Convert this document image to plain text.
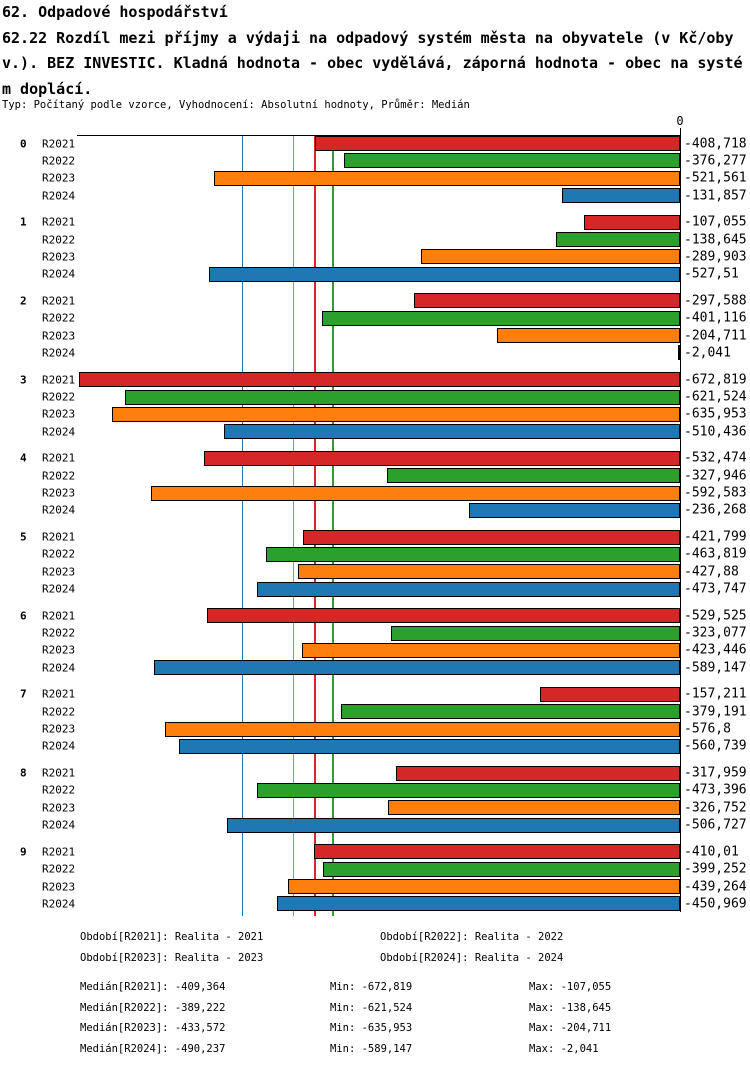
62. Odpadové hospodářství
62.22 Rozdíl mezi příjmy a výdaji na odpadový systém města na obyvatele (v Kč/obyv.). BEZ INVESTIC. Kladná hodnota - obec vydělává, záporná hodnota - obec na systém doplácí.
Typ: Počítaný podle vzorce, Vyhodnocení: Absolutní hodnoty, Průměr: Medián
0
0 R2021	-408,718
R2022	-376,277
R2023	-521,561
R2024	-131,857
1 R2021	-107,055
R2022	-138,645
R2023	-289,903
R2024	-527,51
2 R2021	-297,588
R2022	-401,116
R2023	-204,711
R2024	-2,041
3 R2021	-672,819
R2022	-621,524
R2023	-635,953
R2024	-510,436
4 R2021	-532,474
R2022	-327,946
R2023	-592,583
R2024	-236,268
5 R2021	-421,799
R2022	-463,819
R2023	-427,88
R2024	-473,747
6 R2021	-529,525
R2022	-323,077
R2023	-423,446
R2024	-589,147
7 R2021	-157,211
R2022	-379,191
R2023	-576,8
R2024	-560,739
8 R2021	-317,959
R2022	-473,396
R2023	-326,752
R2024	-506,727
9 R2021	-410,01
R2022	-399,252
R2023	-439,264
R2024	-450,969
Období[R2021]: Realita - 2021	Období[R2022]: Realita - 2022
Období[R2023]: Realita - 2023	Období[R2024]: Realita - 2024
Medián[R2021]: -409,364	Min: -672,819	Max: -107,055
Medián[R2022]: -389,222	Min: -621,524	Max: -138,645
Medián[R2023]: -433,572	Min: -635,953	Max: -204,711
Medián[R2024]: -490,237	Min: -589,147	Max: -2,041
